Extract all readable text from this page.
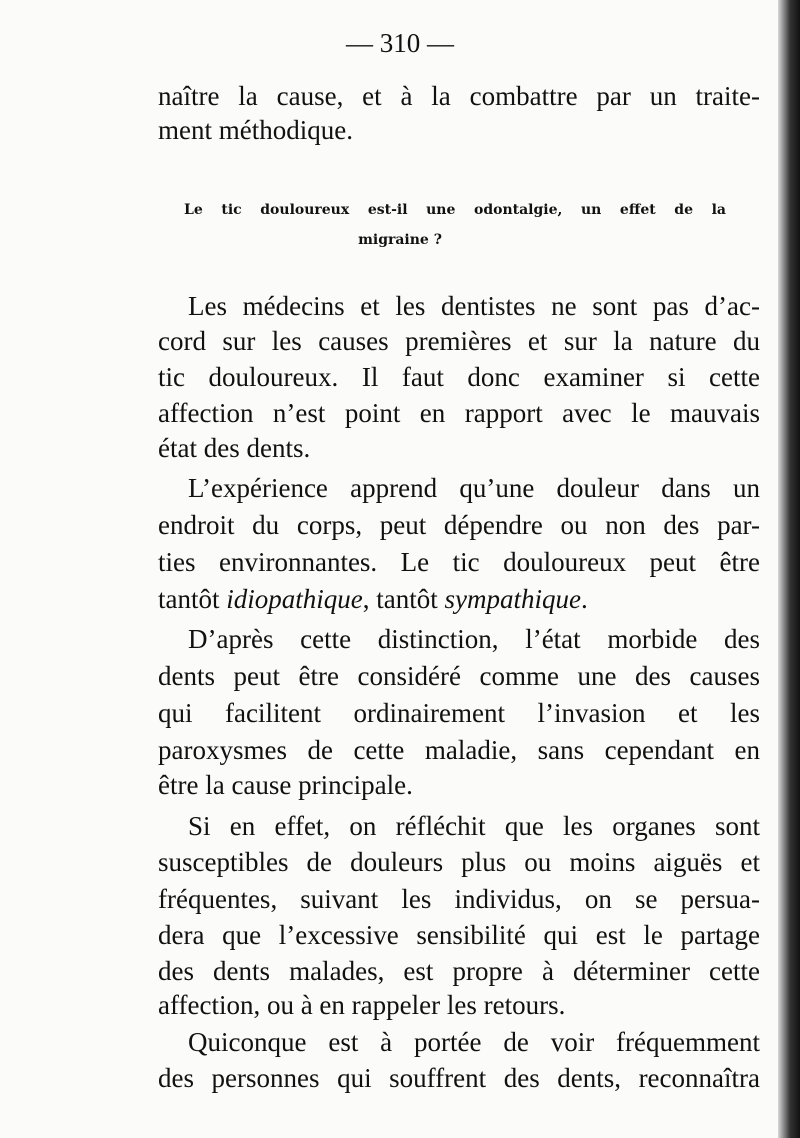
— 310 —
naître la cause, et à la combattre par un traite-
ment méthodique.
Le tic douloureux est-il une odontalgie, un effet de la
migraine ?
Les médecins et les dentistes ne sont pas d’ac-
cord sur les causes premières et sur la nature du
tic douloureux. Il faut donc examiner si cette
affection n’est point en rapport avec le mauvais
état des dents.
L’expérience apprend qu’une douleur dans un
endroit du corps, peut dépendre ou non des par-
ties environnantes. Le tic douloureux peut être
tantôt idiopathique, tantôt sympathique.
D’après cette distinction, l’état morbide des
dents peut être considéré comme une des causes
qui facilitent ordinairement l’invasion et les
paroxysmes de cette maladie, sans cependant en
être la cause principale.
Si en effet, on réfléchit que les organes sont
susceptibles de douleurs plus ou moins aiguës et
fréquentes, suivant les individus, on se persua-
dera que l’excessive sensibilité qui est le partage
des dents malades, est propre à déterminer cette
affection, ou à en rappeler les retours.
Quiconque est à portée de voir fréquemment
des personnes qui souffrent des dents, reconnaîtra
